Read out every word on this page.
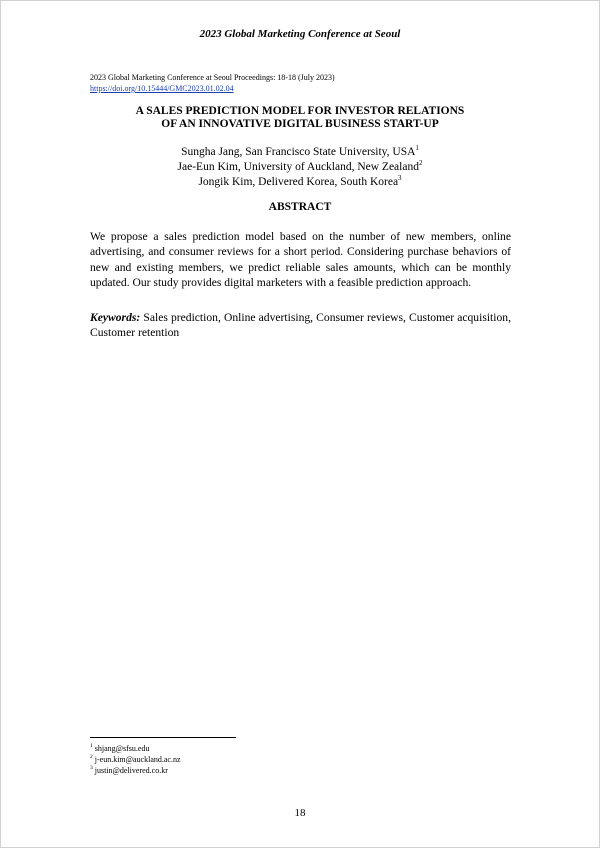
2023 Global Marketing Conference at Seoul
2023 Global Marketing Conference at Seoul Proceedings: 18-18 (July 2023)
https://doi.org/10.15444/GMC2023.01.02.04
A SALES PREDICTION MODEL FOR INVESTOR RELATIONS
OF AN INNOVATIVE DIGITAL BUSINESS START-UP
Sungha Jang, San Francisco State University, USA$^1$
Jae-Eun Kim, University of Auckland, New Zealand$^2$
Jongik Kim, Delivered Korea, South Korea$^3$
ABSTRACT
We propose a sales prediction model based on the number of new members, online advertising, and consumer reviews for a short period. Considering purchase behaviors of new and existing members, we predict reliable sales amounts, which can be monthly updated. Our study provides digital marketers with a feasible prediction approach.
Keywords: Sales prediction, Online advertising, Consumer reviews, Customer acquisition, Customer retention
$^1$ shjang@sfsu.edu
$^2$ j-eun.kim@auckland.ac.nz
$^3$ justin@delivered.co.kr
18
